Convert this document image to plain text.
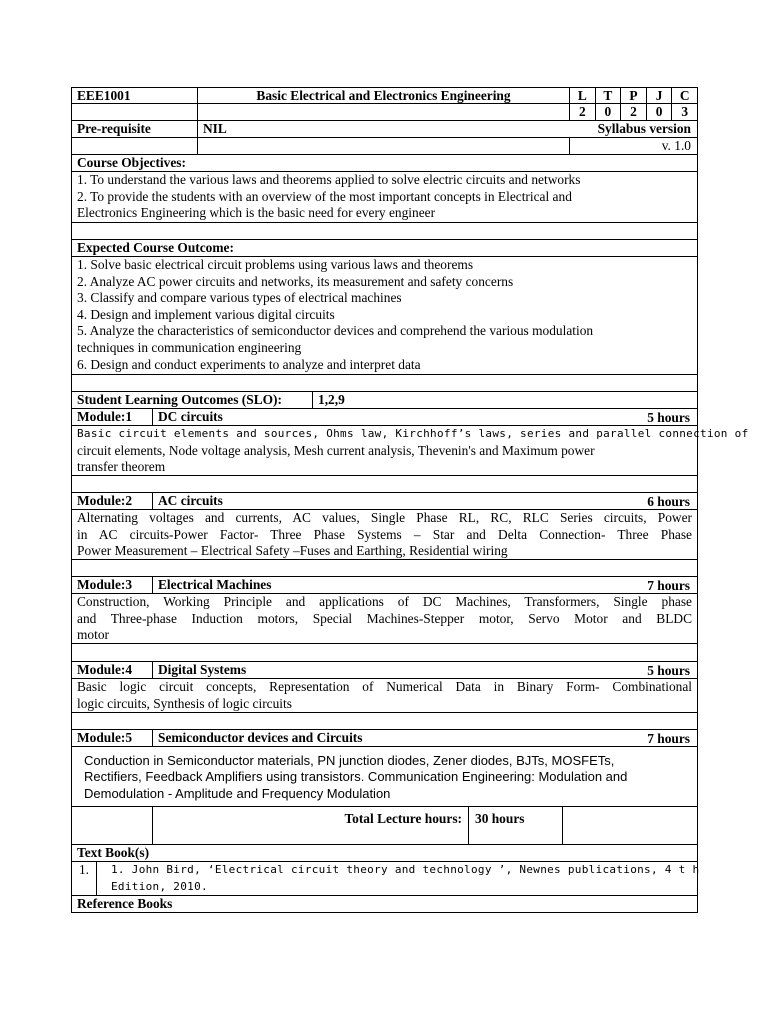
EEE1001	Basic Electrical and Electronics Engineering	L	T	P	J	C
2	0	2	0	3
Pre-requisite	NIL	Syllabus version
v. 1.0
Course Objectives:
1. To understand the various laws and theorems applied to solve electric circuits and networks
2. To provide the students with an overview of the most important concepts in Electrical and
Electronics Engineering which is the basic need for every engineer
Expected Course Outcome:
1. Solve basic electrical circuit problems using various laws and theorems
2. Analyze AC power circuits and networks, its measurement and safety concerns
3. Classify and compare various types of electrical machines
4. Design and implement various digital circuits
5. Analyze the characteristics of semiconductor devices and comprehend the various modulation
techniques in communication engineering
6. Design and conduct experiments to analyze and interpret data
Student Learning Outcomes (SLO):	1,2,9
Module:1	DC circuits	5 hours
Basic circuit elements and sources, Ohms law, Kirchhoff’s laws, series and parallel connection of
circuit elements, Node voltage analysis, Mesh current analysis, Thevenin's and Maximum power
transfer theorem
Module:2	AC circuits	6 hours
Alternating voltages and currents, AC values, Single Phase RL, RC, RLC Series circuits, Power
in AC circuits-Power Factor- Three Phase Systems – Star and Delta Connection- Three Phase
Power Measurement – Electrical Safety –Fuses and Earthing, Residential wiring
Module:3	Electrical Machines	7 hours
Construction, Working Principle and applications of DC Machines, Transformers, Single phase
and Three-phase Induction motors, Special Machines-Stepper motor, Servo Motor and BLDC
motor
Module:4	Digital Systems	5 hours
Basic logic circuit concepts, Representation of Numerical Data in Binary Form- Combinational
logic circuits, Synthesis of logic circuits
Module:5	Semiconductor devices and Circuits	7 hours
Conduction in Semiconductor materials, PN junction diodes, Zener diodes, BJTs, MOSFETs,
Rectifiers, Feedback Amplifiers using transistors. Communication Engineering: Modulation and
Demodulation - Amplitude and Frequency Modulation
Total Lecture hours: 30 hours
Text Book(s)
1.	1. John Bird, ‘Electrical circuit theory and technology ’, Newnes publications, 4 t h
Edition, 2010.
Reference Books
